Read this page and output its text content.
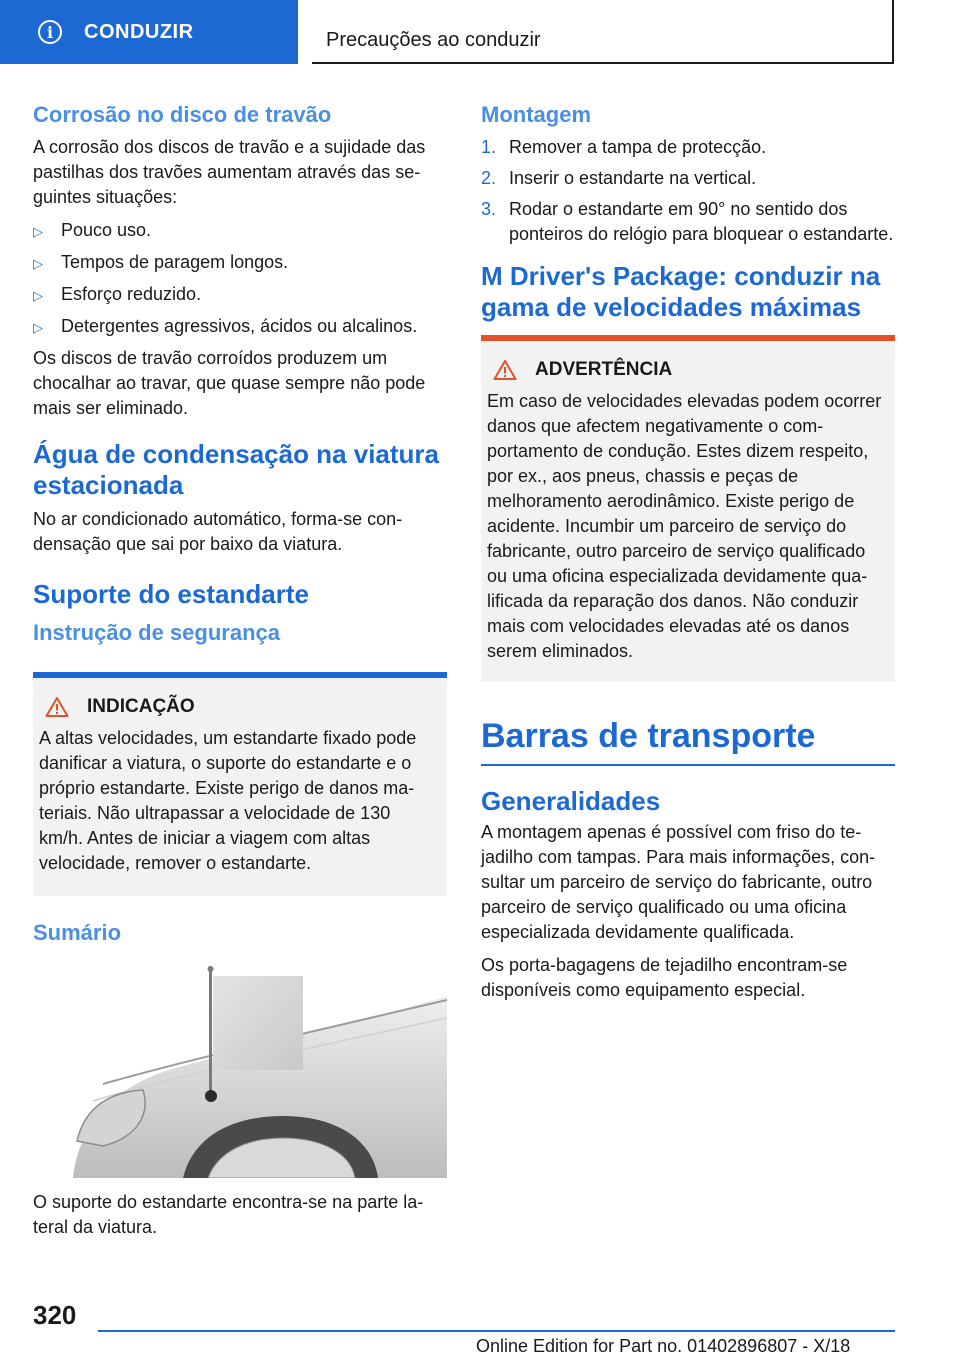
i	CONDUZIR	Precauções ao conduzir
Corrosão no disco de travão

A corrosão dos discos de travão e a sujidade das pastilhas dos travões aumentam através das seguintes situações:

▷	Pouco uso.
▷	Tempos de paragem longos.
▷	Esforço reduzido.
▷	Detergentes agressivos, ácidos ou alcalinos.

Os discos de travão corroídos produzem um chocalhar ao travar, que quase sempre não pode mais ser eliminado.

Água de condensação na viatura estacionada

No ar condicionado automático, forma-se condensação que sai por baixo da viatura.

Suporte do estandarte
Instrução de segurança
INDICAÇÃO

A altas velocidades, um estandarte fixado pode danificar a viatura, o suporte do estandarte e o próprio estandarte. Existe perigo de danos materiais. Não ultrapassar a velocidade de 130 km/h. Antes de iniciar a viagem com altas velocidade, remover o estandarte.

Sumário

O suporte do estandarte encontra-se na parte lateral da viatura.

Montagem
1. Remover a tampa de protecção.
2. Inserir o estandarte na vertical.
3. Rodar o estandarte em 90° no sentido dos ponteiros do relógio para bloquear o estandarte.
M Driver's Package: conduzir na gama de velocidades máximas
ADVERTÊNCIA

Em caso de velocidades elevadas podem ocorrer danos que afectem negativamente o comportamento de condução. Estes dizem respeito, por ex., aos pneus, chassis e peças de melhoramento aerodinâmico. Existe perigo de acidente. Incumbir um parceiro de serviço do fabricante, outro parceiro de serviço qualificado ou uma oficina especializada devidamente qualificada da reparação dos danos. Não conduzir mais com velocidades elevadas até os danos serem eliminados.

Barras de transporte
Generalidades

A montagem apenas é possível com friso do tejadilho com tampas. Para mais informações, consultar um parceiro de serviço do fabricante, outro parceiro de serviço qualificado ou uma oficina especializada devidamente qualificada.

Os porta-bagagens de tejadilho encontram-se disponíveis como equipamento especial.

320
Online Edition for Part no. 01402896807 - X/18
